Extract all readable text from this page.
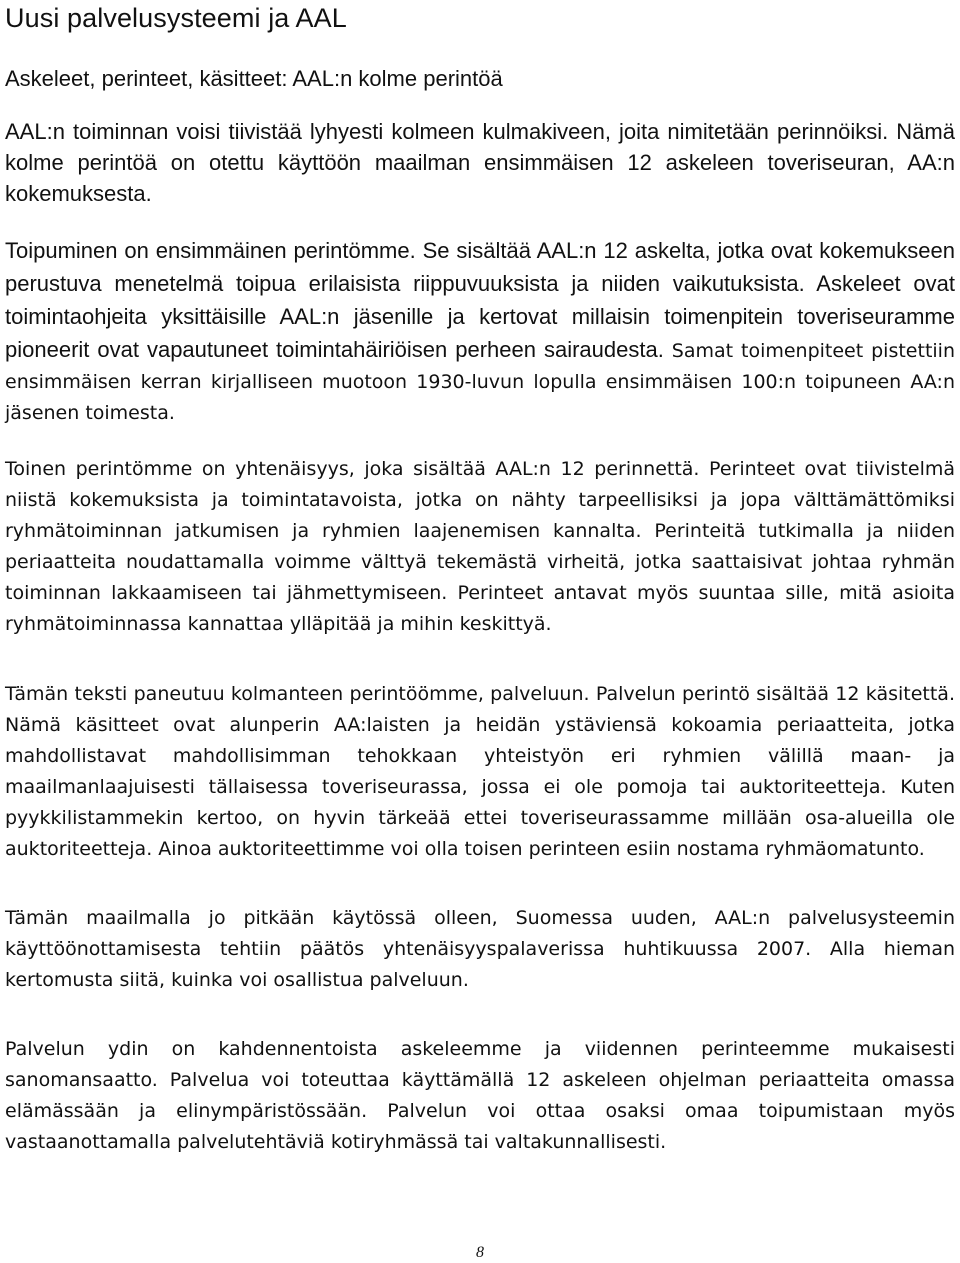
Uusi palvelusysteemi ja AAL
Askeleet, perinteet, käsitteet: AAL:n kolme perintöä

AAL:n toiminnan voisi tiivistää lyhyesti kolmeen kulmakiveen, joita nimitetään perinnöiksi. Nämä kolme perintöä on otettu käyttöön maailman ensimmäisen 12 askeleen toveriseuran, AA:n kokemuksesta.

Toipuminen on ensimmäinen perintömme. Se sisältää AAL:n 12 askelta, jotka ovat kokemukseen perustuva menetelmä toipua erilaisista riippuvuuksista ja niiden vaikutuksista. Askeleet ovat toimintaohjeita yksittäisille AAL:n jäsenille ja kertovat millaisin toimenpitein toveriseuramme pioneerit ovat vapautuneet toimintahäiriöisen perheen sairaudesta. Samat toimenpiteet pistettiin ensimmäisen kerran kirjalliseen muotoon 1930-luvun lopulla ensimmäisen 100:n toipuneen AA:n jäsenen toimesta.

Toinen perintömme on yhtenäisyys, joka sisältää AAL:n 12 perinnettä. Perinteet ovat tiivistelmä niistä kokemuksista ja toimintatavoista, jotka on nähty tarpeellisiksi ja jopa välttämättömiksi ryhmätoiminnan jatkumisen ja ryhmien laajenemisen kannalta. Perinteitä tutkimalla ja niiden periaatteita noudattamalla voimme välttyä tekemästä virheitä, jotka saattaisivat johtaa ryhmän toiminnan lakkaamiseen tai jähmettymiseen. Perinteet antavat myös suuntaa sille, mitä asioita ryhmätoiminnassa kannattaa ylläpitää ja mihin keskittyä.

Tämän teksti paneutuu kolmanteen perintöömme, palveluun. Palvelun perintö sisältää 12 käsitettä. Nämä käsitteet ovat alunperin AA:laisten ja heidän ystäviensä kokoamia periaatteita, jotka mahdollistavat mahdollisimman tehokkaan yhteistyön eri ryhmien välillä maan- ja maailmanlaajuisesti tällaisessa toveriseurassa, jossa ei ole pomoja tai auktoriteetteja. Kuten pyykkilistammekin kertoo, on hyvin tärkeää ettei toveriseurassamme millään osa-alueilla ole auktoriteetteja. Ainoa auktoriteettimme voi olla toisen perinteen esiin nostama ryhmäomatunto.

Tämän maailmalla jo pitkään käytössä olleen, Suomessa uuden, AAL:n palvelusysteemin käyttöönottamisesta tehtiin päätös yhtenäisyyspalaverissa huhtikuussa 2007. Alla hieman kertomusta siitä, kuinka voi osallistua palveluun.

Palvelun ydin on kahdennentoista askeleemme ja viidennen perinteemme mukaisesti sanomansaatto. Palvelua voi toteuttaa käyttämällä 12 askeleen ohjelman periaatteita omassa elämässään ja elinympäristössään. Palvelun voi ottaa osaksi omaa toipumistaan myös vastaanottamalla palvelutehtäviä kotiryhmässä tai valtakunnallisesti.

8
